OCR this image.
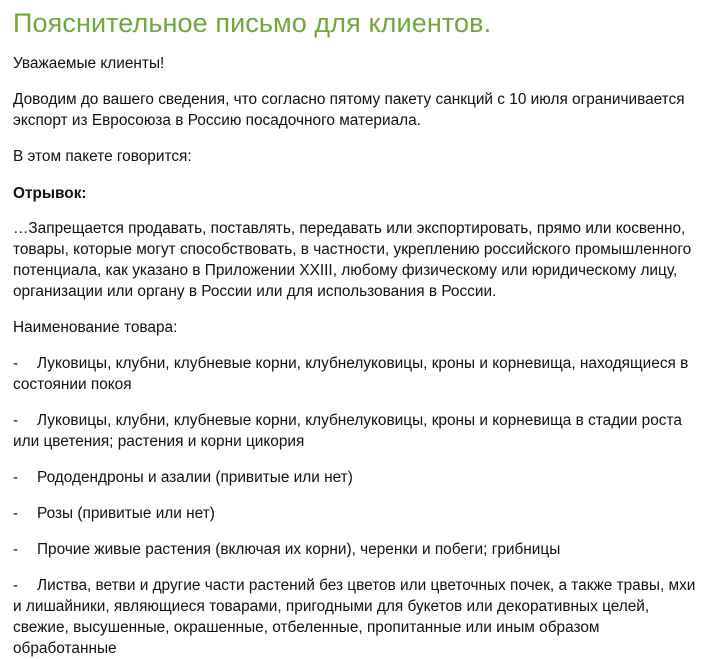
Пояснительное письмо для клиентов.

Уважаемые клиенты!

Доводим до вашего сведения, что согласно пятому пакету санкций с 10 июля ограничивается экспорт из Евросоюза в Россию посадочного материала.

В этом пакете говорится:

Отрывок:

…Запрещается продавать, поставлять, передавать или экспортировать, прямо или косвенно, товары, которые могут способствовать, в частности, укреплению российского промышленного потенциала, как указано в Приложении XXIII, любому физическому или юридическому лицу, организации или органу в России или для использования в России.

Наименование товара:

- Луковицы, клубни, клубневые корни, клубнелуковицы, кроны и корневища, находящиеся в состоянии покоя

- Луковицы, клубни, клубневые корни, клубнелуковицы, кроны и корневища в стадии роста или цветения; растения и корни цикория

- Рододендроны и азалии (привитые или нет)

- Розы (привитые или нет)

- Прочие живые растения (включая их корни), черенки и побеги; грибницы

- Листва, ветви и другие части растений без цветов или цветочных почек, а также травы, мхи и лишайники, являющиеся товарами, пригодными для букетов или декоративных целей, свежие, высушенные, окрашенные, отбеленные, пропитанные или иным образом обработанные
